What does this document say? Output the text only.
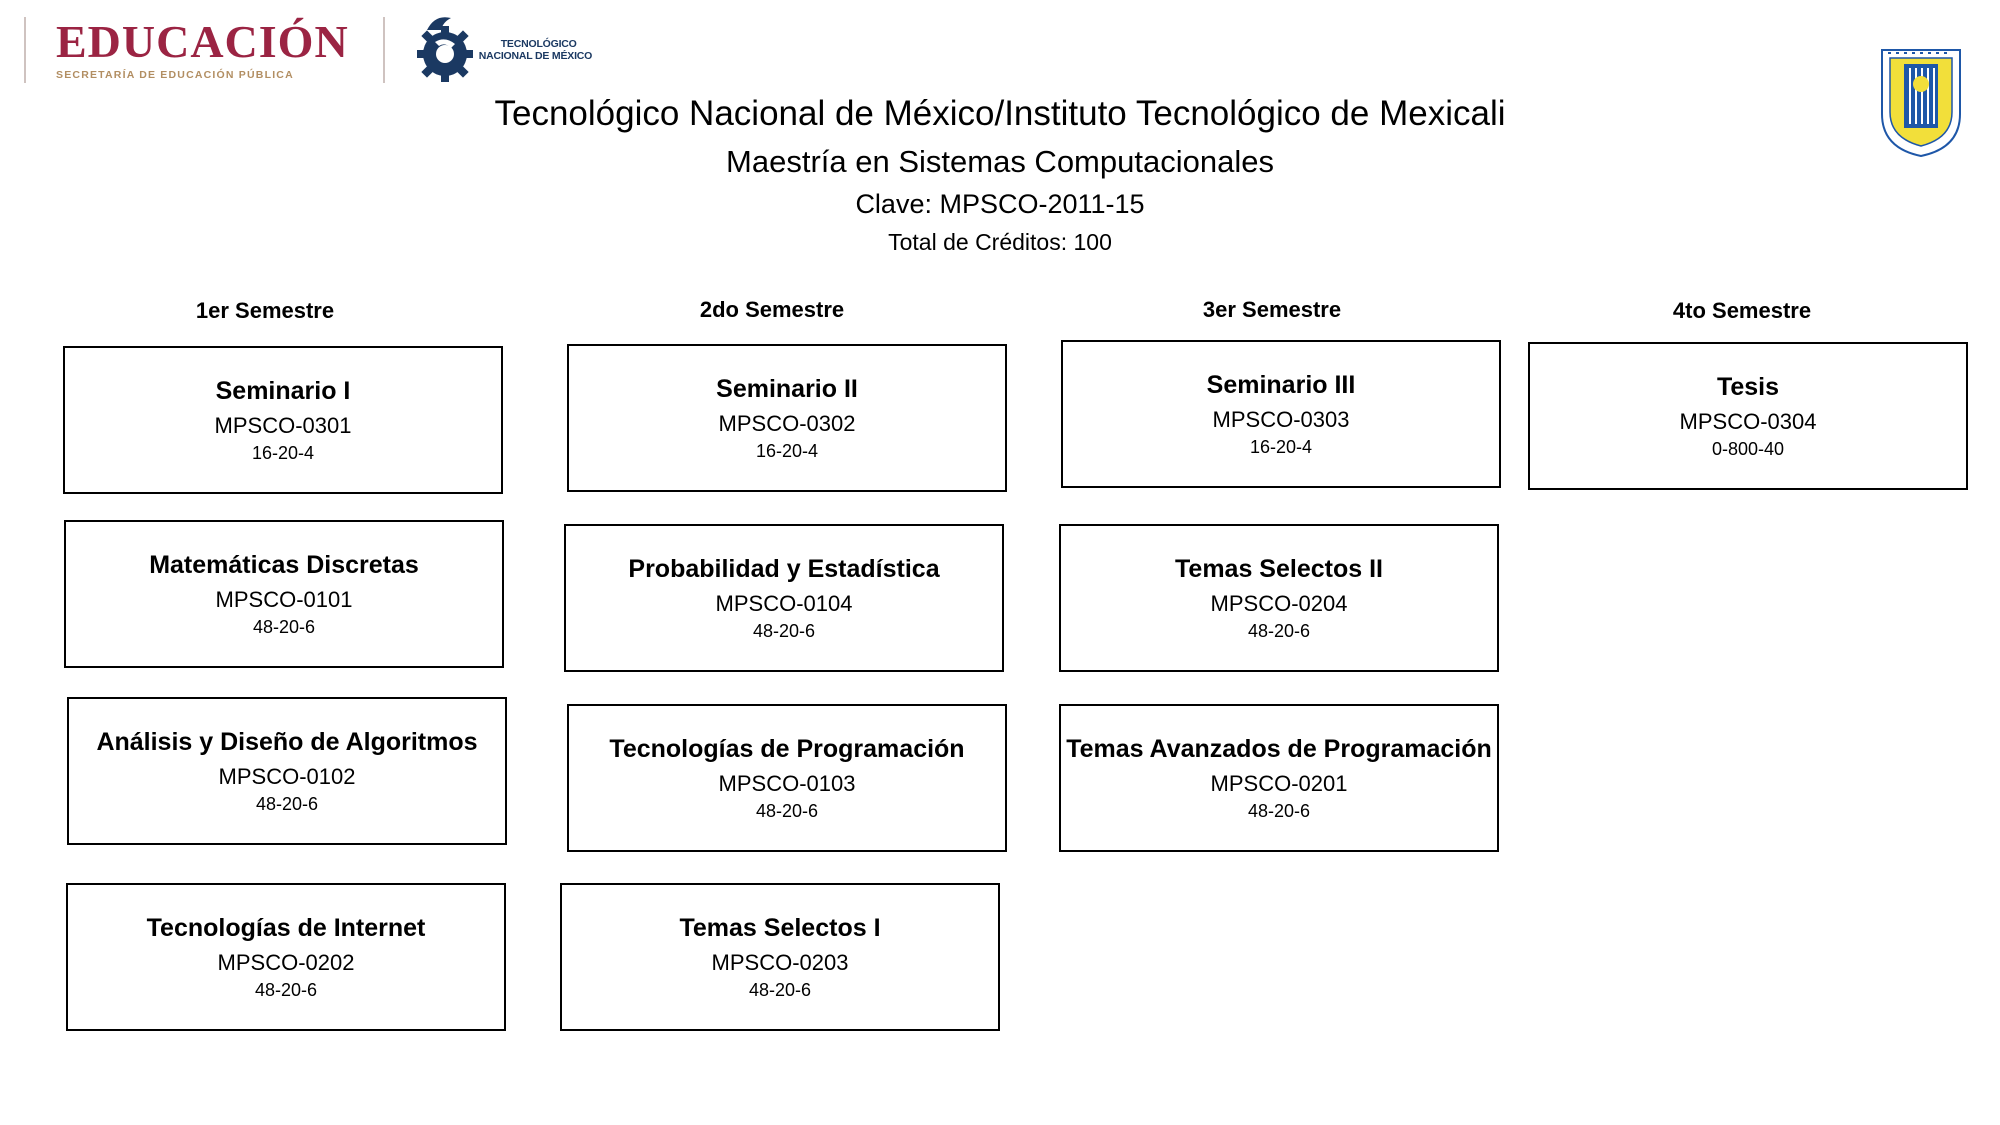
EDUCACIÓN
SECRETARÍA DE EDUCACIÓN PÚBLICA
TECNOLÓGICO
NACIONAL DE MÉXICO
Tecnológico Nacional de México/Instituto Tecnológico de Mexicali
Maestría en Sistemas Computacionales
Clave: MPSCO-2011-15
Total de Créditos: 100
1er Semestre	2do Semestre	3er Semestre	4to Semestre
Seminario I
MPSCO-0301
16-20-4
Matemáticas Discretas
MPSCO-0101
48-20-6
Análisis y Diseño de Algoritmos
MPSCO-0102
48-20-6
Tecnologías de Internet
MPSCO-0202
48-20-6
Seminario II
MPSCO-0302
16-20-4
Probabilidad y Estadística
MPSCO-0104
48-20-6
Tecnologías de Programación
MPSCO-0103
48-20-6
Temas Selectos I
MPSCO-0203
48-20-6
Seminario III
MPSCO-0303
16-20-4
Temas Selectos II
MPSCO-0204
48-20-6
Temas Avanzados de Programación
MPSCO-0201
48-20-6
Tesis
MPSCO-0304
0-800-40
